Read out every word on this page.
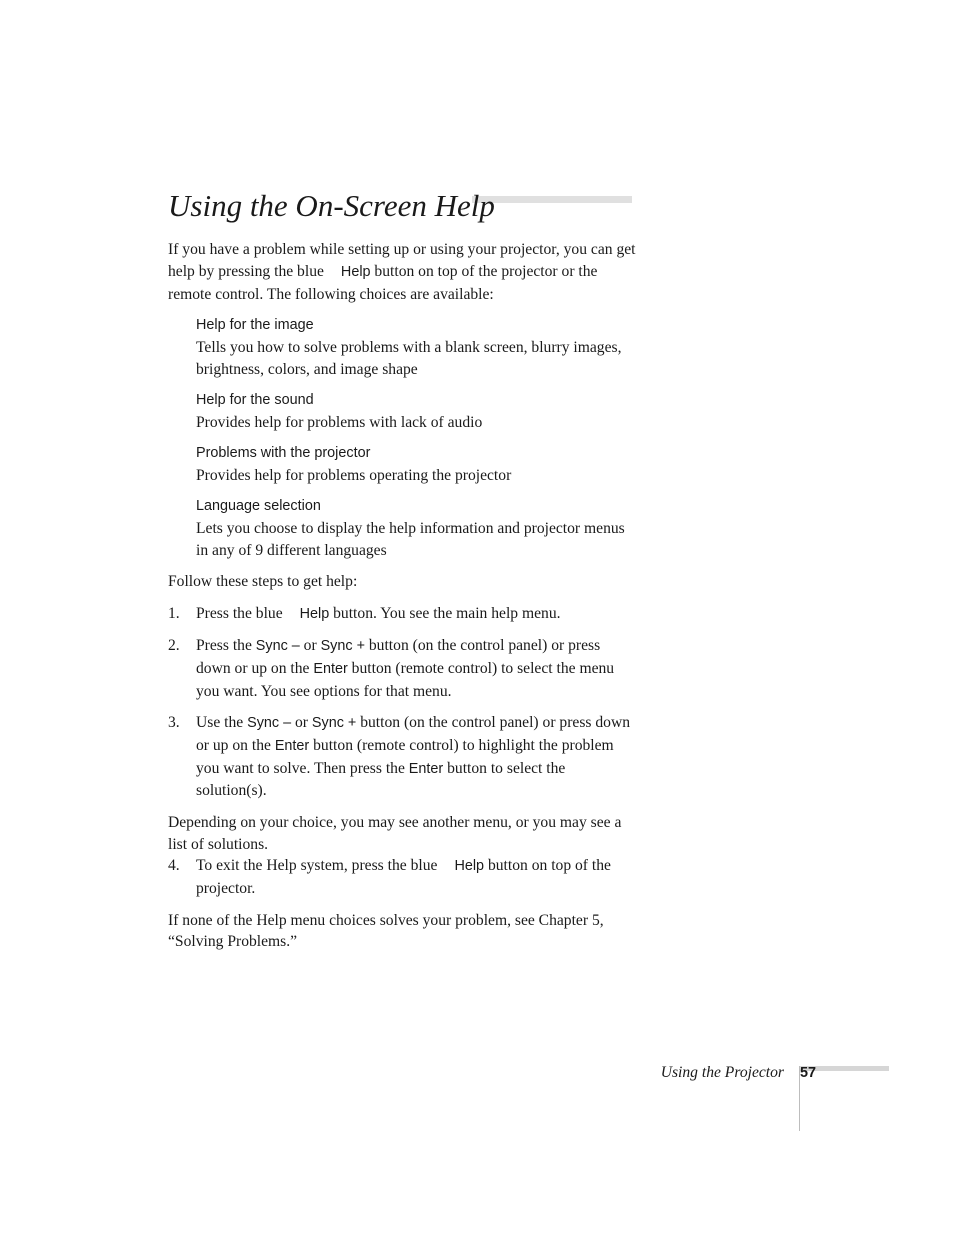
Using the On-Screen Help

If you have a problem while setting up or using your projector, you can get help by pressing the blue Help button on top of the projector or the remote control. The following choices are available:

Help for the image
Tells you how to solve problems with a blank screen, blurry images, brightness, colors, and image shape
Help for the sound
Provides help for problems with lack of audio
Problems with the projector
Provides help for problems operating the projector
Language selection
Lets you choose to display the help information and projector menus in any of 9 different languages

Follow these steps to get help:

1. Press the blue Help button. You see the main help menu.
2. Press the Sync – or Sync + button (on the control panel) or press down or up on the Enter button (remote control) to select the menu you want. You see options for that menu.
3. Use the Sync – or Sync + button (on the control panel) or press down or up on the Enter button (remote control) to highlight the problem you want to solve. Then press the Enter button to select the solution(s).

Depending on your choice, you may see another menu, or you may see a list of solutions.

4. To exit the Help system, press the blue Help button on top of the projector.

If none of the Help menu choices solves your problem, see Chapter 5, “Solving Problems.”

Using the Projector 57
